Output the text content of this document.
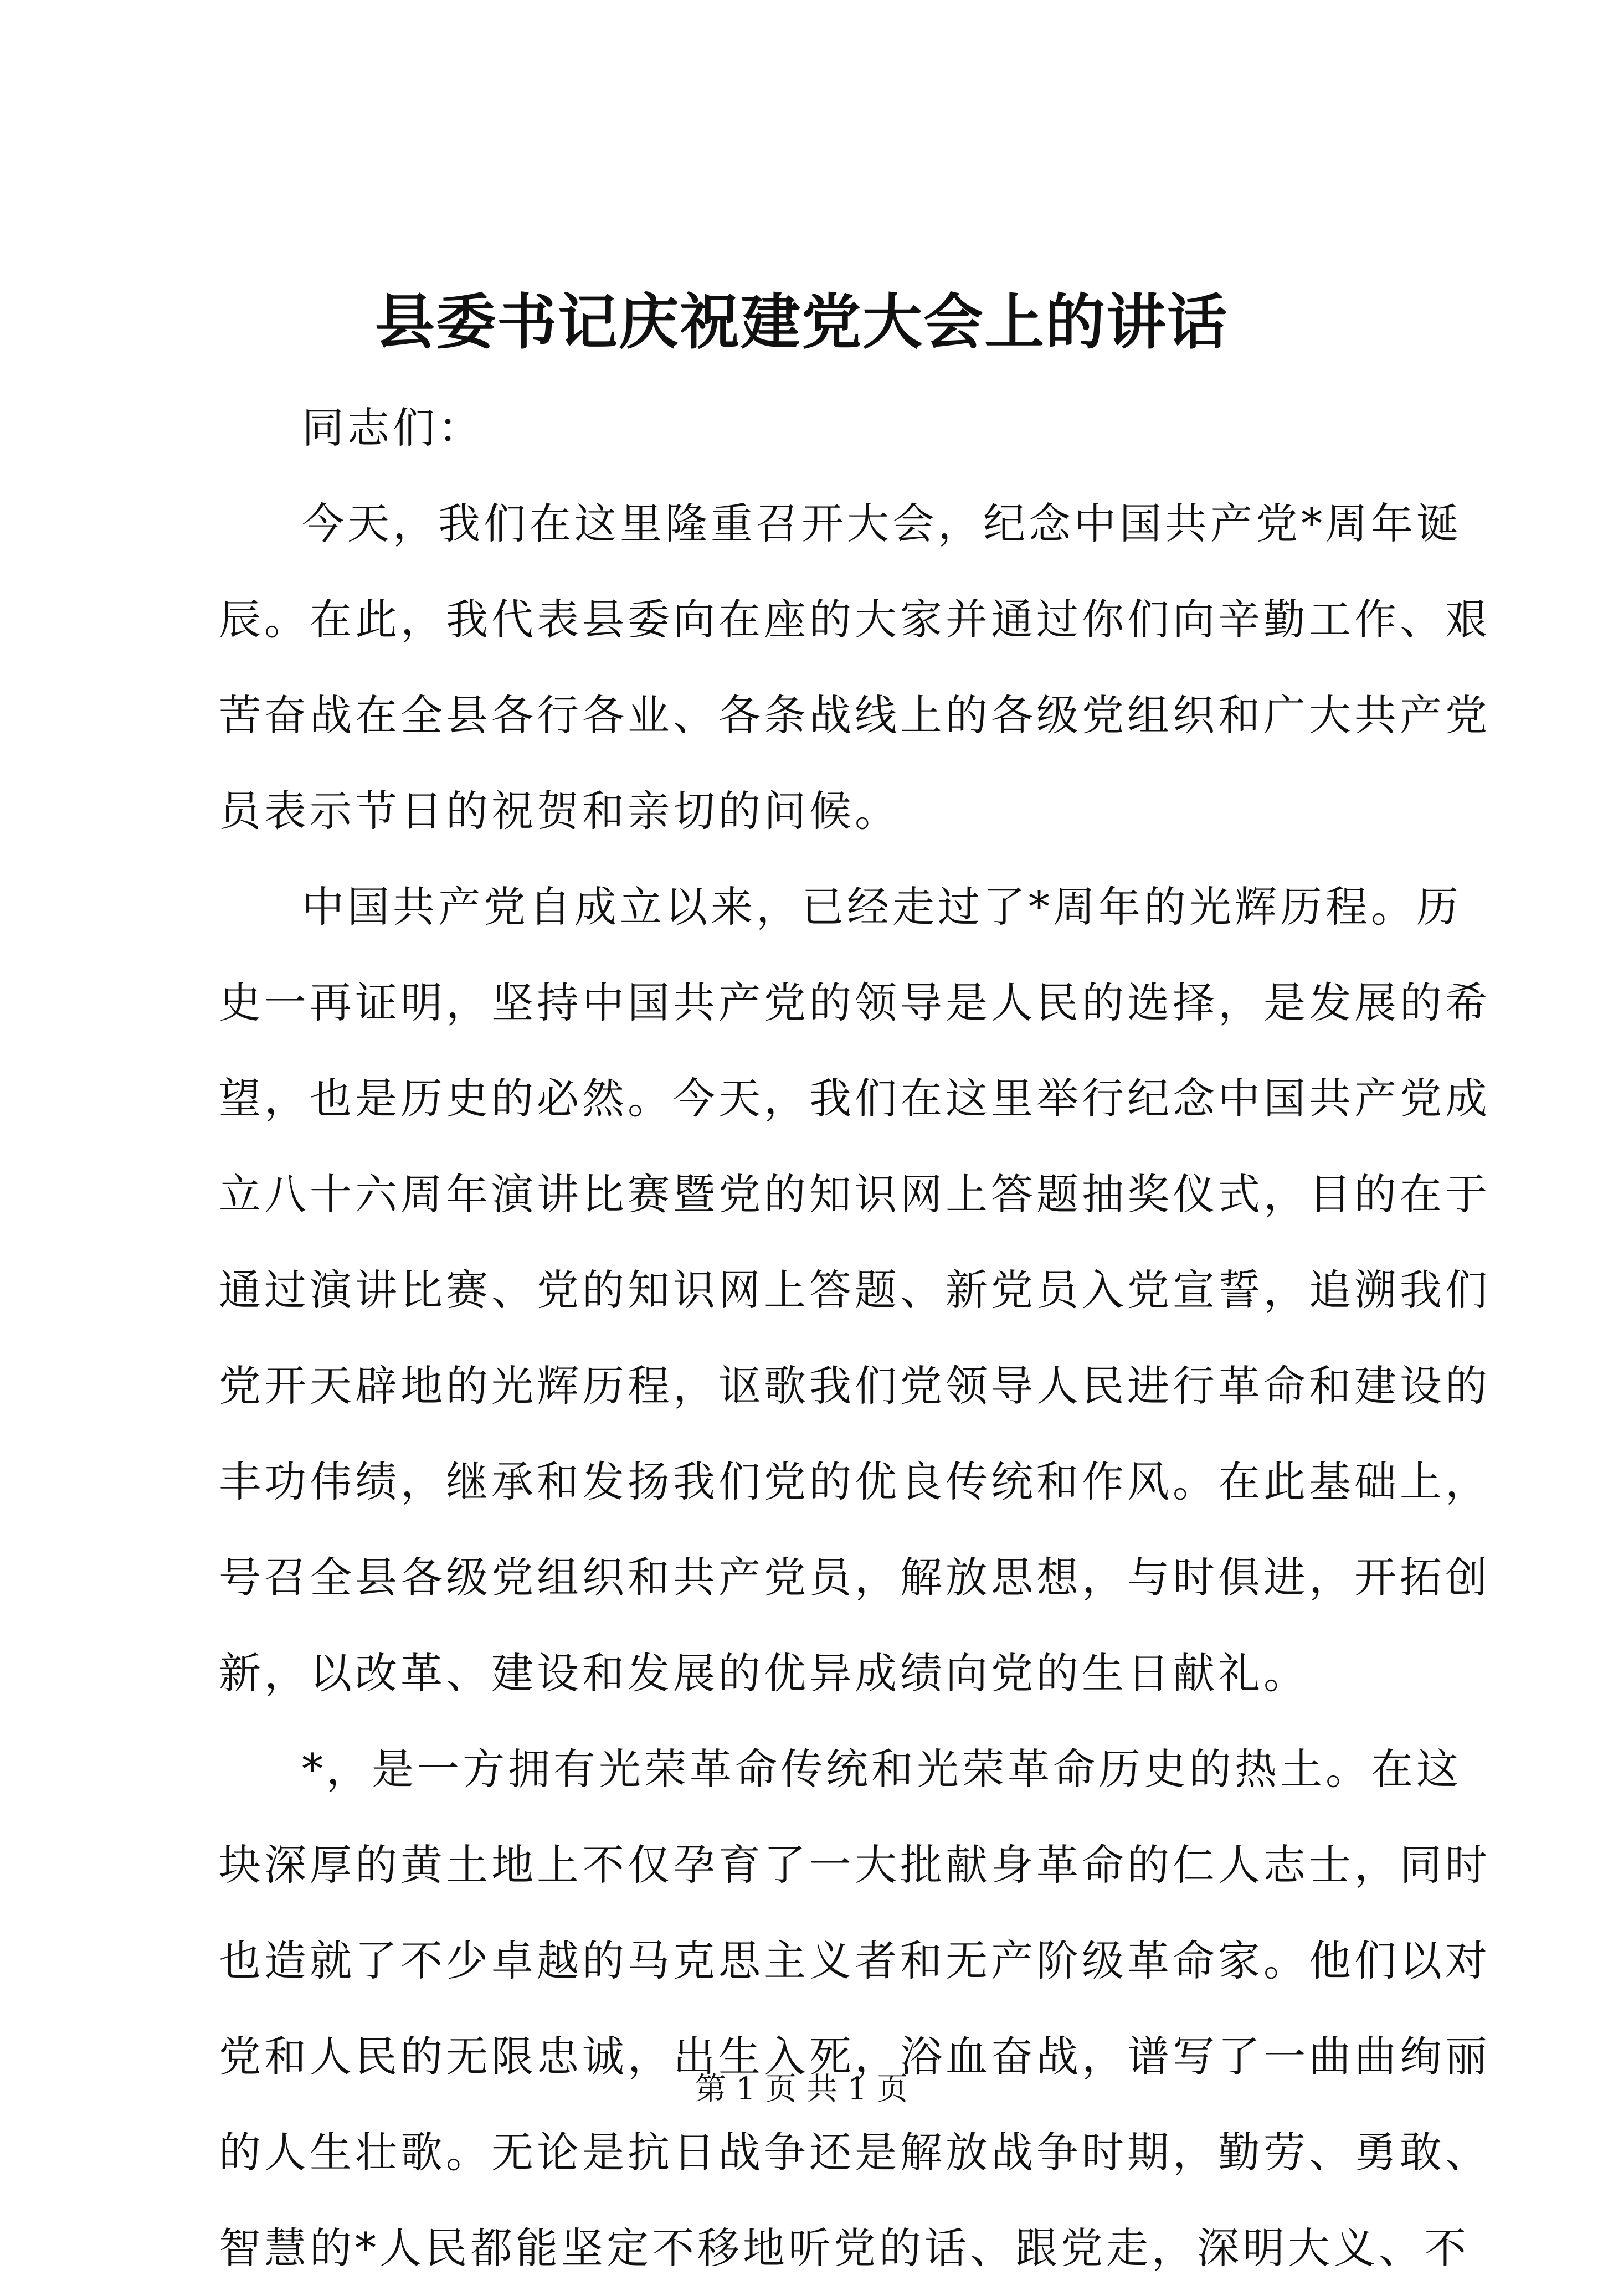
县委书记庆祝建党大会上的讲话
同志们：
今天，我们在这里隆重召开大会，纪念中国共产党*周年诞
辰。在此，我代表县委向在座的大家并通过你们向辛勤工作、艰
苦奋战在全县各行各业、各条战线上的各级党组织和广大共产党
员表示节日的祝贺和亲切的问候。
中国共产党自成立以来，已经走过了*周年的光辉历程。历
史一再证明，坚持中国共产党的领导是人民的选择，是发展的希
望，也是历史的必然。今天，我们在这里举行纪念中国共产党成
立八十六周年演讲比赛暨党的知识网上答题抽奖仪式，目的在于
通过演讲比赛、党的知识网上答题、新党员入党宣誓，追溯我们
党开天辟地的光辉历程，讴歌我们党领导人民进行革命和建设的
丰功伟绩，继承和发扬我们党的优良传统和作风。在此基础上，
号召全县各级党组织和共产党员，解放思想，与时俱进，开拓创
新，以改革、建设和发展的优异成绩向党的生日献礼。
*，是一方拥有光荣革命传统和光荣革命历史的热土。在这
块深厚的黄土地上不仅孕育了一大批献身革命的仁人志士，同时
也造就了不少卓越的马克思主义者和无产阶级革命家。他们以对
党和人民的无限忠诚，出生入死，浴血奋战，谱写了一曲曲绚丽
的人生壮歌。无论是抗日战争还是解放战争时期，勤劳、勇敢、
智慧的*人民都能坚定不移地听党的话、跟党走，深明大义、不
第 1 页 共 1 页
